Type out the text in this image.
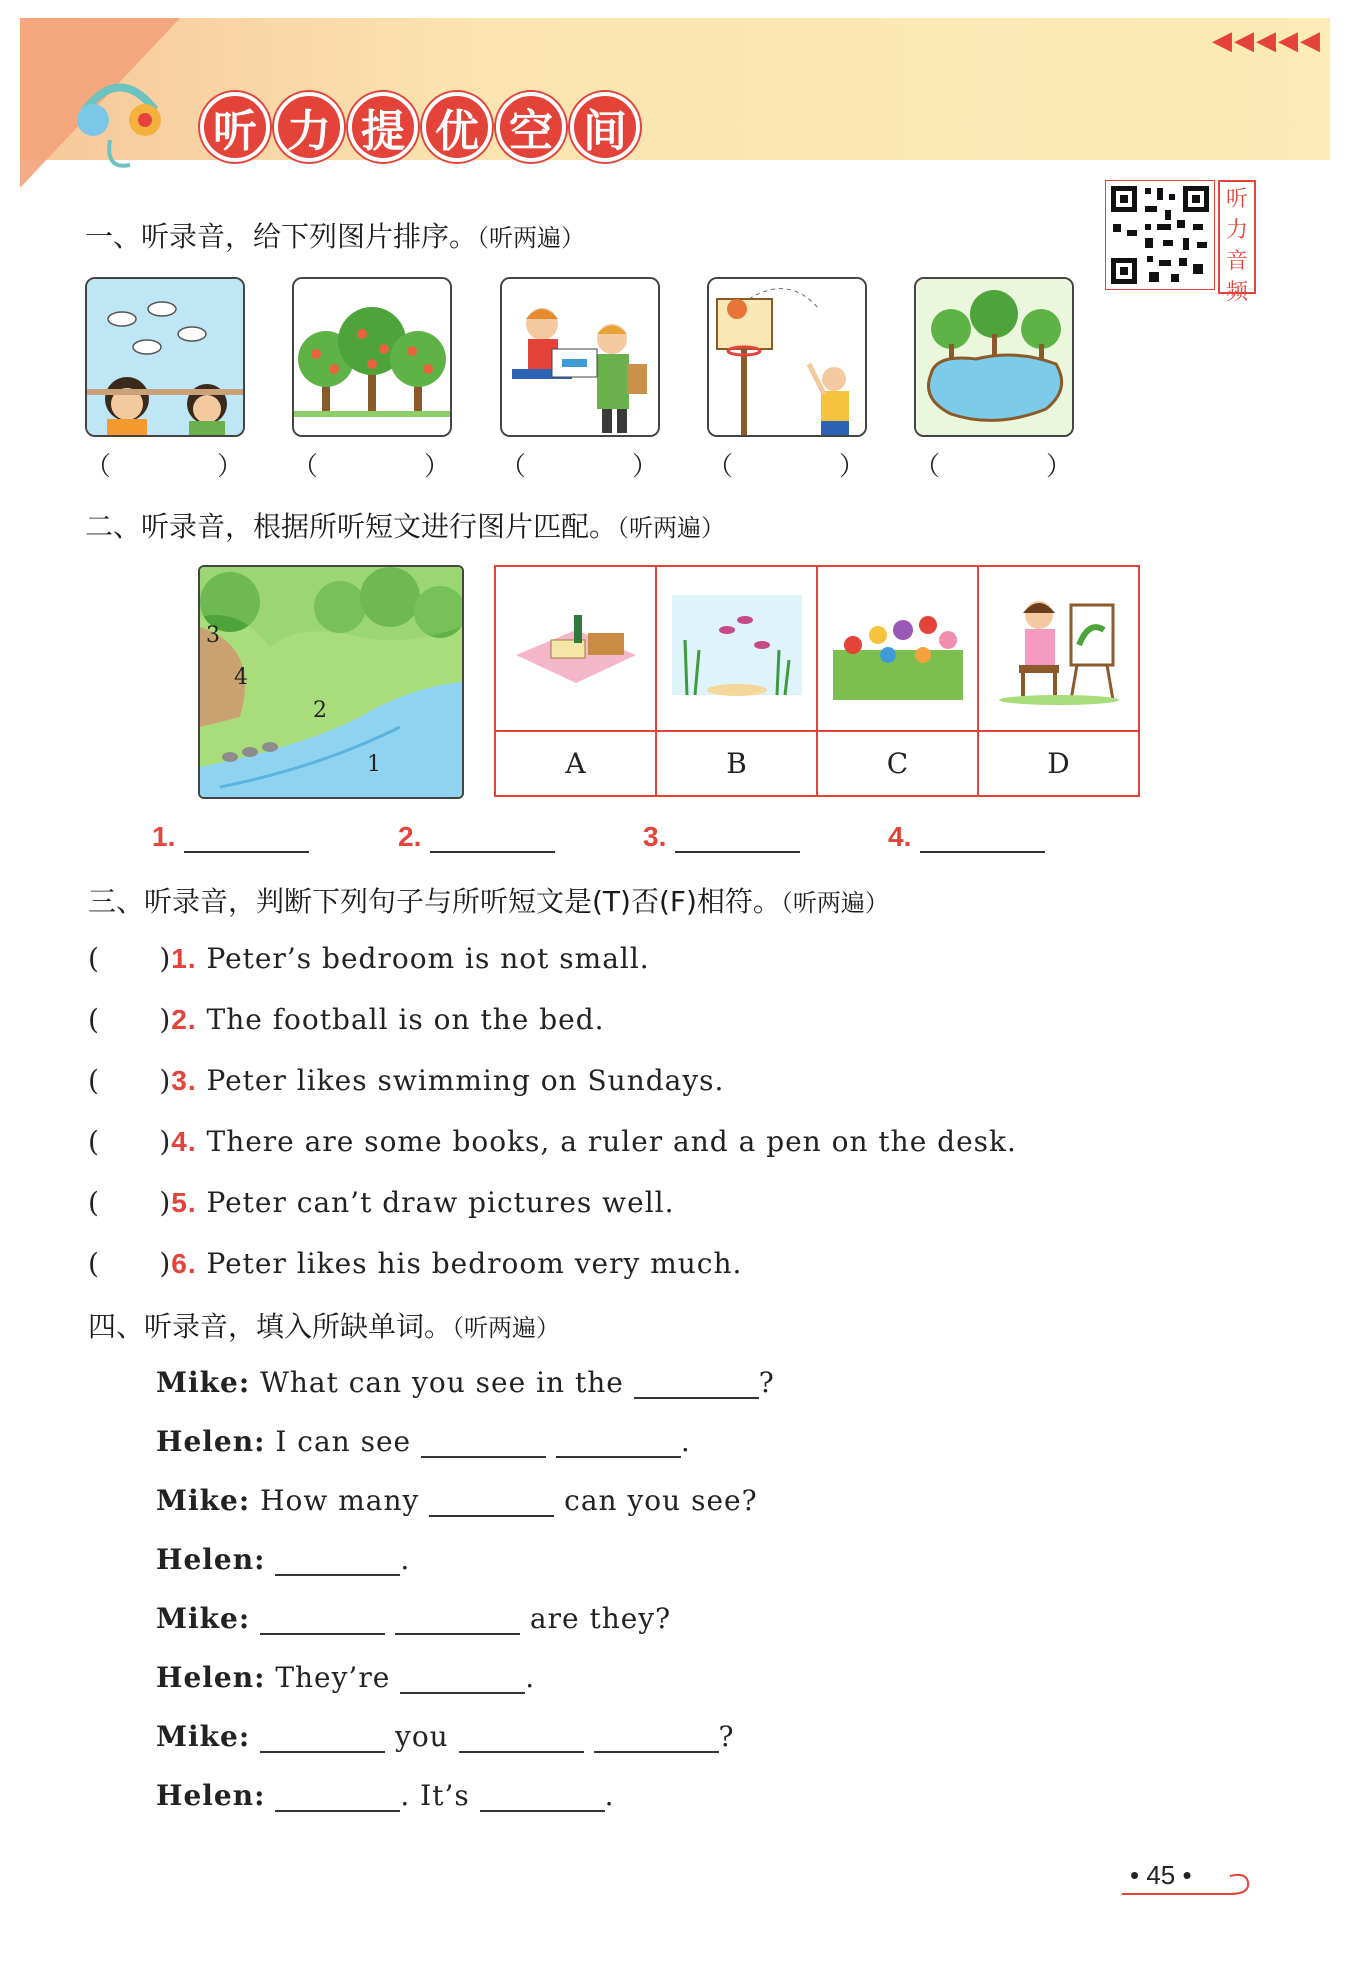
听 力 提 优 空 间
◀◀◀◀◀
听
力
音
频
一、听录音，给下列图片排序。（听两遍）
（　） （　） （　） （　） （　）
二、听录音，根据所听短文进行图片匹配。（听两遍）
3
4
2
1
				A	B	C	D
1.	2.	3.	4.
三、听录音，判断下列句子与所听短文是(T)否(F)相符。（听两遍）
(      )1. Peter’s bedroom is not small.
(      )2. The football is on the bed.
(      )3. Peter likes swimming on Sundays.
(      )4. There are some books, a ruler and a pen on the desk.
(      )5. Peter can’t draw pictures well.
(      )6. Peter likes his bedroom very much.
四、听录音，填入所缺单词。（听两遍）
Mike: What can you see in the	?
Helen: I can see	.
Mike: How many	can you see?
Helen:	.
Mike:	are they?
Helen: They’re	.
Mike:	you	?
Helen:	. It’s	.
• 45 •
